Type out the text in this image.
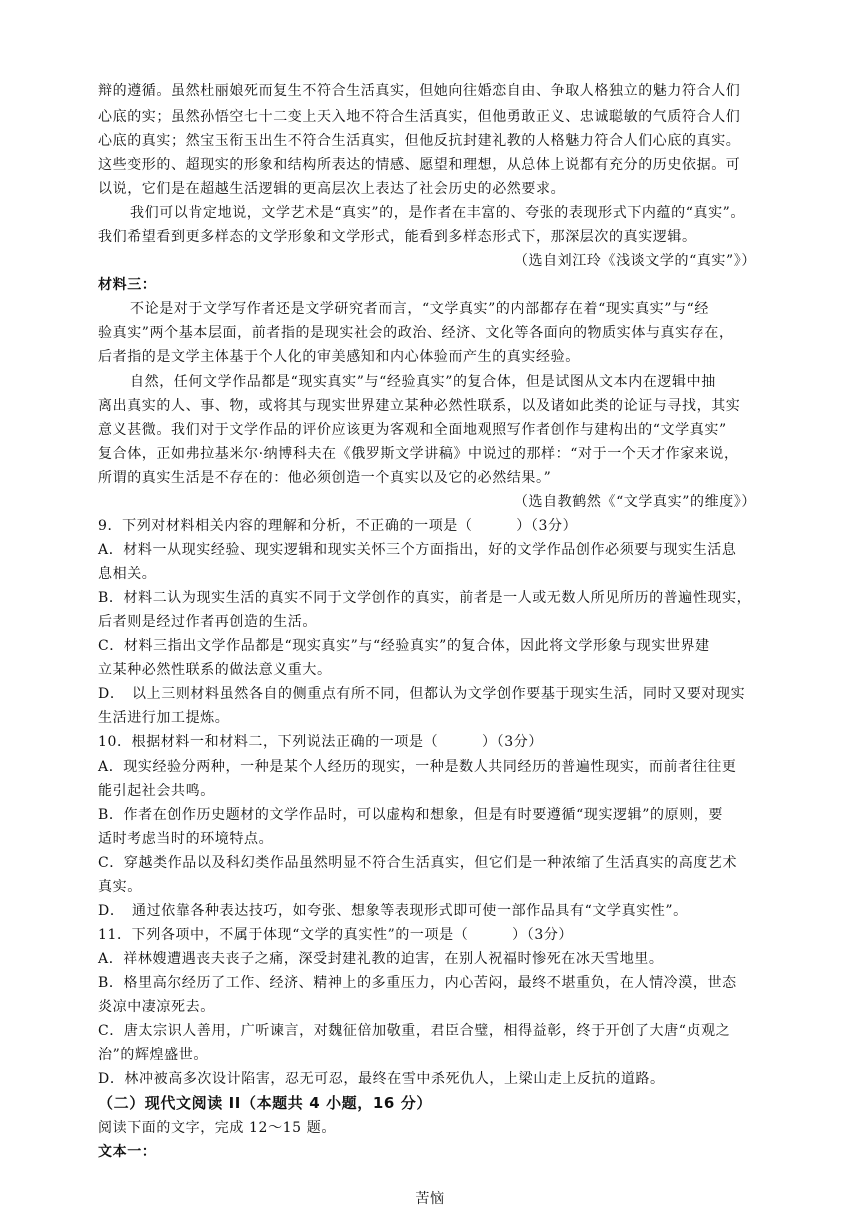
辩的遵循。虽然杜丽娘死而复生不符合生活真实，但她向往婚恋自由、争取人格独立的魅力符合人们
心底的实；虽然孙悟空七十二变上天入地不符合生活真实，但他勇敢正义、忠诚聪敏的气质符合人们
心底的真实；然宝玉衔玉出生不符合生活真实，但他反抗封建礼教的人格魅力符合人们心底的真实。
这些变形的、超现实的形象和结构所表达的情感、愿望和理想，从总体上说都有充分的历史依据。可
以说，它们是在超越生活逻辑的更高层次上表达了社会历史的必然要求。
我们可以肯定地说，文学艺术是“真实”的，是作者在丰富的、夸张的表现形式下内蕴的“真实”。
我们希望看到更多样态的文学形象和文学形式，能看到多样态形式下，那深层次的真实逻辑。
（选自刘江玲《浅谈文学的“真实”》）
材料三：
不论是对于文学写作者还是文学研究者而言，“文学真实”的内部都存在着“现实真实”与“经
验真实”两个基本层面，前者指的是现实社会的政治、经济、文化等各面向的物质实体与真实存在，
后者指的是文学主体基于个人化的审美感知和内心体验而产生的真实经验。
自然，任何文学作品都是“现实真实”与“经验真实”的复合体，但是试图从文本内在逻辑中抽
离出真实的人、事、物，或将其与现实世界建立某种必然性联系，以及诸如此类的论证与寻找，其实
意义甚微。我们对于文学作品的评价应该更为客观和全面地观照写作者创作与建构出的“文学真实”
复合体，正如弗拉基米尔·纳博科夫在《俄罗斯文学讲稿》中说过的那样：“对于一个天才作家来说，
所谓的真实生活是不存在的：他必须创造一个真实以及它的必然结果。”
（选自教鹤然《“文学真实”的维度》）
9．下列对材料相关内容的理解和分析，不正确的一项是（　　　）（3分）
A．材料一从现实经验、现实逻辑和现实关怀三个方面指出，好的文学作品创作必须要与现实生活息
息相关。
B．材料二认为现实生活的真实不同于文学创作的真实，前者是一人或无数人所见所历的普遍性现实，
后者则是经过作者再创造的生活。
C．材料三指出文学作品都是“现实真实”与“经验真实”的复合体，因此将文学形象与现实世界建
立某种必然性联系的做法意义重大。
D．　以上三则材料虽然各自的侧重点有所不同，但都认为文学创作要基于现实生活，同时又要对现实
生活进行加工提炼。
10．根据材料一和材料二，下列说法正确的一项是（　　　）（3分）
A．现实经验分两种，一种是某个人经历的现实，一种是数人共同经历的普遍性现实，而前者往往更
能引起社会共鸣。
B．作者在创作历史题材的文学作品时，可以虚构和想象，但是有时要遵循“现实逻辑”的原则，要
适时考虑当时的环境特点。
C．穿越类作品以及科幻类作品虽然明显不符合生活真实，但它们是一种浓缩了生活真实的高度艺术
真实。
D．　通过依靠各种表达技巧，如夸张、想象等表现形式即可使一部作品具有“文学真实性”。
11．下列各项中，不属于体现“文学的真实性”的一项是（　　　）（3分）
A．祥林嫂遭遇丧夫丧子之痛，深受封建礼教的迫害，在别人祝福时惨死在冰天雪地里。
B．格里高尔经历了工作、经济、精神上的多重压力，内心苦闷，最终不堪重负，在人情冷漠，世态
炎凉中凄凉死去。
C．唐太宗识人善用，广听谏言，对魏征倍加敬重，君臣合璧，相得益彰，终于开创了大唐“贞观之
治”的辉煌盛世。
D．林冲被高多次设计陷害，忍无可忍，最终在雪中杀死仇人，上梁山走上反抗的道路。
（二）现代文阅读 II（本题共 4 小题，16 分）
阅读下面的文字，完成 12～15 题。
文本一：
苦恼
